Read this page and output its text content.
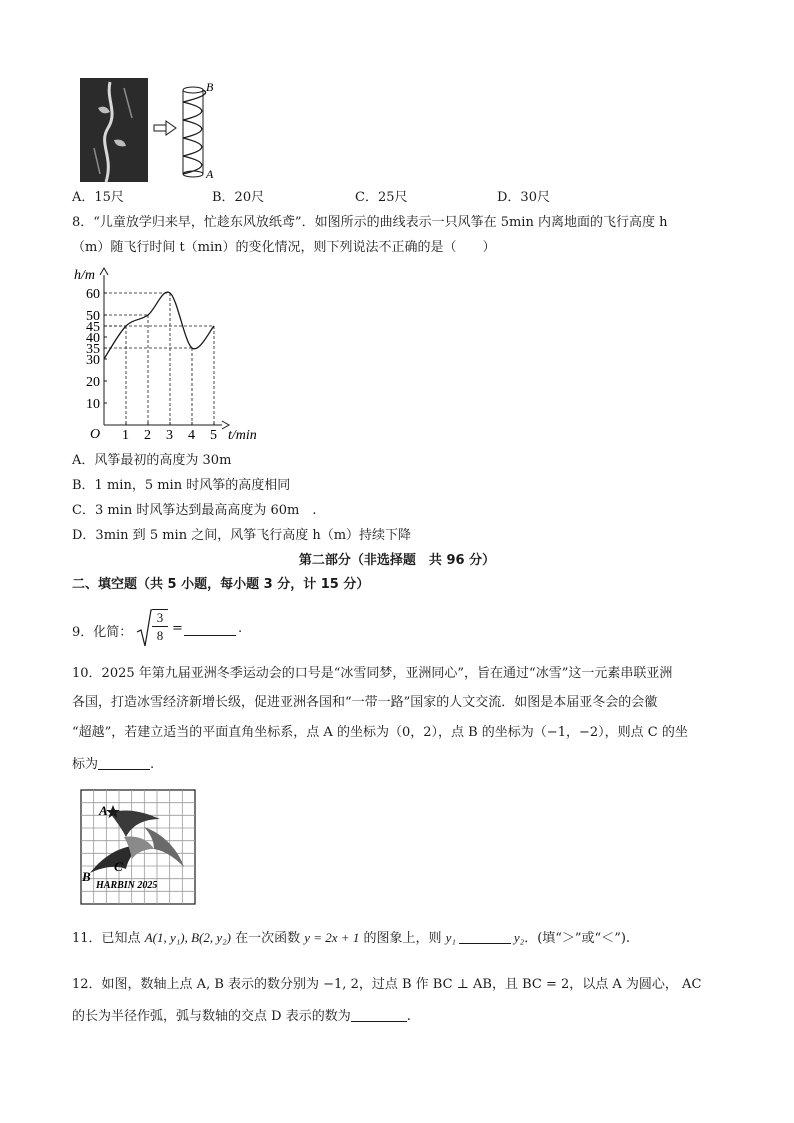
B
A
A．15尺	B．20尺	C．25尺	D．30尺
8．“儿童放学归来早，忙趁东风放纸鸢”．如图所示的曲线表示一只风筝在 5min 内离地面的飞行高度 h
（m）随飞行时间 t（min）的变化情况，则下列说法不正确的是（　　）
h/m
t/min
O 1 2 3 4 5
10
20
30
35
40
45
50
60
A．风筝最初的高度为 30m
B．1 min，5 min 时风筝的高度相同
C．3 min 时风筝达到最高高度为 60m　.
D．3min 到 5 min 之间，风筝飞行高度 h（m）持续下降
第二部分（非选择题　共 96 分）
二、填空题（共 5 小题，每小题 3 分，计 15 分）
9．化简： $\frac{3}{8}$ =	.
10．2025 年第九届亚洲冬季运动会的口号是“冰雪同梦，亚洲同心”，旨在通过“冰雪”这一元素串联亚洲
各国，打造冰雪经济新增长级，促进亚洲各国和“一带一路”国家的人文交流．如图是本届亚冬会的会徽
“超越”，若建立适当的平面直角坐标系，点 A 的坐标为（0，2），点 B 的坐标为（−1，−2），则点 C 的坐
标为	.
A
C
B
HARBIN 2025
11．已知点 A(1, y₁), B(2, y₂) 在一次函数 y = 2x + 1 的图象上，则 y₁	y₂．(填“＞”或“＜”).
12．如图，数轴上点 A, B 表示的数分别为 −1, 2，过点 B 作 BC ⊥ AB，且 BC = 2，以点 A 为圆心， AC
的长为半径作弧，弧与数轴的交点 D 表示的数为	.
